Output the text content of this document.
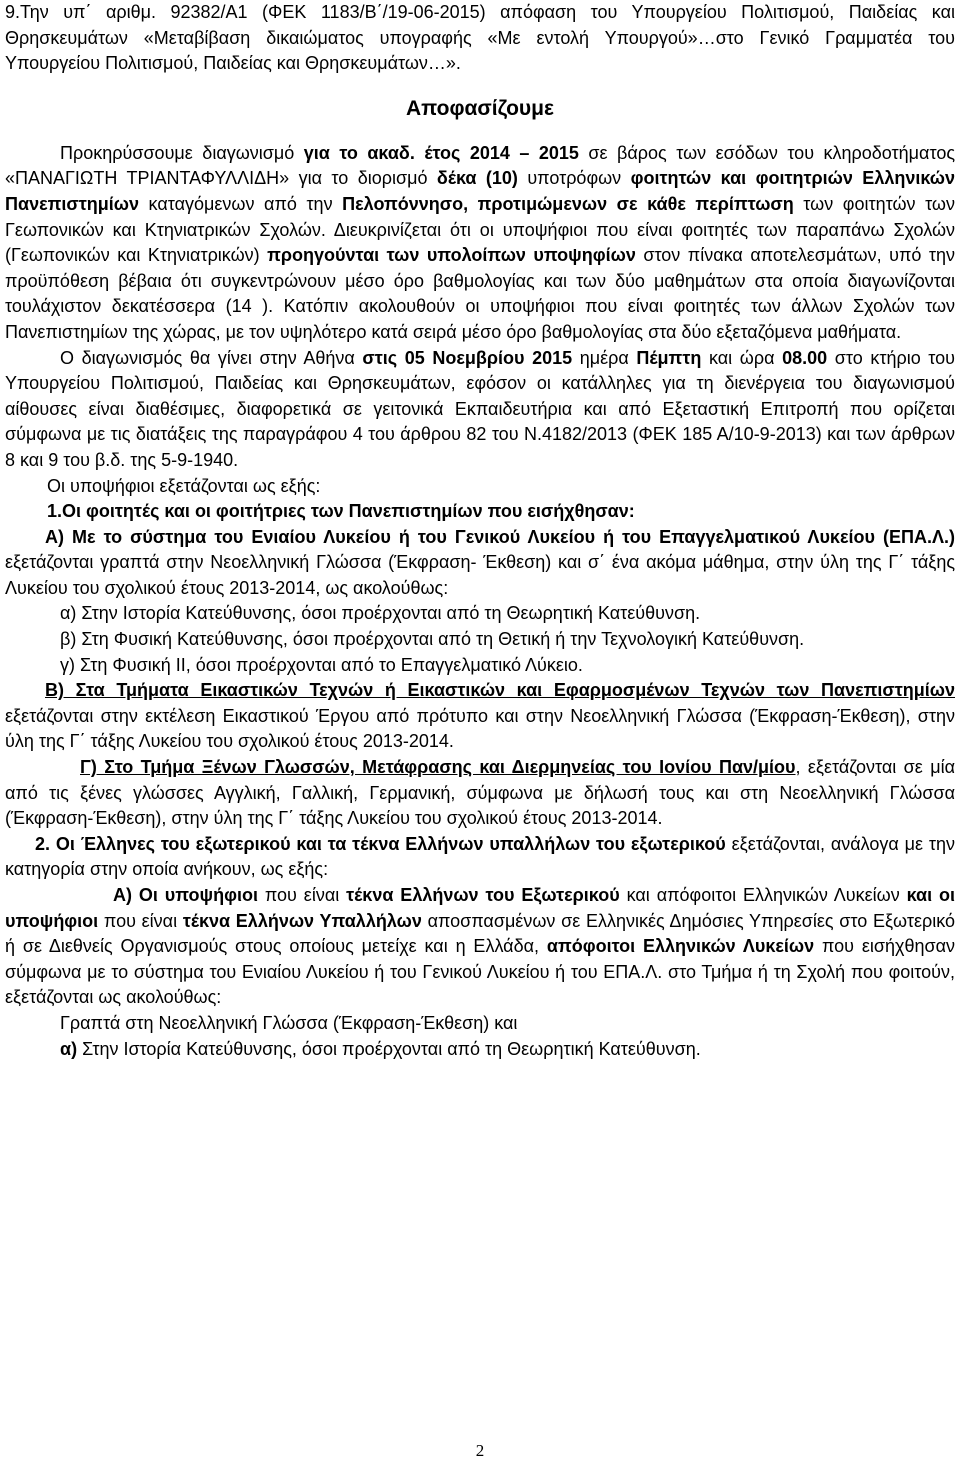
9.Την υπ΄ αριθμ. 92382/Α1 (ΦΕΚ 1183/Β΄/19-06-2015) απόφαση του Υπουργείου Πολιτισμού, Παιδείας και Θρησκευμάτων «Μεταβίβαση δικαιώματος υπογραφής «Με εντολή Υπουργού»…στο Γενικό Γραμματέα του Υπουργείου Πολιτισμού, Παιδείας και Θρησκευμάτων…».

Αποφασίζουμε

Προκηρύσσουμε διαγωνισμό για το ακαδ. έτος 2014 – 2015 σε βάρος των εσόδων του κληροδοτήματος «ΠΑΝΑΓΙΩΤΗ ΤΡΙΑΝΤΑΦΥΛΛΙΔΗ» για το διορισμό δέκα (10) υποτρόφων φοιτητών και φοιτητριών Ελληνικών Πανεπιστημίων καταγόμενων από την Πελοπόννησο, προτιμώμενων σε κάθε περίπτωση των φοιτητών των Γεωπονικών και Κτηνιατρικών Σχολών. Διευκρινίζεται ότι οι υποψήφιοι που είναι φοιτητές των παραπάνω Σχολών (Γεωπονικών και Κτηνιατρικών) προηγούνται των υπολοίπων υποψηφίων στον πίνακα αποτελεσμάτων, υπό την προϋπόθεση βέβαια ότι συγκεντρώνουν μέσο όρο βαθμολογίας και των δύο μαθημάτων στα οποία διαγωνίζονται τουλάχιστον δεκατέσσερα (14 ). Κατόπιν ακολουθούν οι υποψήφιοι που είναι φοιτητές των άλλων Σχολών των Πανεπιστημίων της χώρας, με τον υψηλότερο κατά σειρά μέσο όρο βαθμολογίας στα δύο εξεταζόμενα μαθήματα.

Ο διαγωνισμός θα γίνει στην Αθήνα στις 05 Νοεμβρίου 2015 ημέρα Πέμπτη και ώρα 08.00 στο κτήριο του Υπουργείου Πολιτισμού, Παιδείας και Θρησκευμάτων, εφόσον οι κατάλληλες για τη διενέργεια του διαγωνισμού αίθουσες είναι διαθέσιμες, διαφορετικά σε γειτονικά Εκπαιδευτήρια και από Εξεταστική Επιτροπή που ορίζεται σύμφωνα με τις διατάξεις της παραγράφου 4 του άρθρου 82 του Ν.4182/2013 (ΦΕΚ 185 Α/10-9-2013) και των άρθρων 8 και 9 του β.δ. της 5-9-1940.

Οι υποψήφιοι εξετάζονται ως εξής:

1.Οι φοιτητές και οι φοιτήτριες των Πανεπιστημίων που εισήχθησαν:

Α) Με το σύστημα του Ενιαίου Λυκείου ή του Γενικού Λυκείου ή του Επαγγελματικού Λυκείου (ΕΠΑ.Λ.) εξετάζονται γραπτά στην Νεοελληνική Γλώσσα (Έκφραση- Έκθεση) και σ΄ ένα ακόμα μάθημα, στην ύλη της Γ΄ τάξης Λυκείου του σχολικού έτους 2013-2014, ως ακολούθως:

α) Στην Ιστορία Κατεύθυνσης, όσοι προέρχονται από τη Θεωρητική Κατεύθυνση.

β) Στη Φυσική Κατεύθυνσης, όσοι προέρχονται από τη Θετική ή την Τεχνολογική Κατεύθυνση.

γ) Στη Φυσική ΙΙ, όσοι προέρχονται από το Επαγγελματικό Λύκειο.

Β) Στα Τμήματα Εικαστικών Τεχνών ή Εικαστικών και Εφαρμοσμένων Τεχνών των Πανεπιστημίων εξετάζονται στην εκτέλεση Εικαστικού Έργου από πρότυπο και στην Νεοελληνική Γλώσσα (Έκφραση-Έκθεση), στην ύλη της Γ΄ τάξης Λυκείου του σχολικού έτους 2013-2014.

Γ) Στο Τμήμα Ξένων Γλωσσών, Μετάφρασης και Διερμηνείας του Ιονίου Παν/μίου, εξετάζονται σε μία από τις ξένες γλώσσες Αγγλική, Γαλλική, Γερμανική, σύμφωνα με δήλωσή τους και στη Νεοελληνική Γλώσσα (Έκφραση-Έκθεση), στην ύλη της Γ΄ τάξης Λυκείου του σχολικού έτους 2013-2014.

2. Οι Έλληνες του εξωτερικού και τα τέκνα Ελλήνων υπαλλήλων του εξωτερικού εξετάζονται, ανάλογα με την κατηγορία στην οποία ανήκουν, ως εξής:

Α) Οι υποψήφιοι που είναι τέκνα Ελλήνων του Εξωτερικού και απόφοιτοι Ελληνικών Λυκείων και οι υποψήφιοι που είναι τέκνα Ελλήνων Υπαλλήλων αποσπασμένων σε Ελληνικές Δημόσιες Υπηρεσίες στο Εξωτερικό ή σε Διεθνείς Οργανισμούς στους οποίους μετείχε και η Ελλάδα, απόφοιτοι Ελληνικών Λυκείων που εισήχθησαν σύμφωνα με το σύστημα του Ενιαίου Λυκείου ή του Γενικού Λυκείου ή του ΕΠΑ.Λ. στο Τμήμα ή τη Σχολή που φοιτούν, εξετάζονται ως ακολούθως:

Γραπτά στη Νεοελληνική Γλώσσα (Έκφραση-Έκθεση) και

α) Στην Ιστορία Κατεύθυνσης, όσοι προέρχονται από τη Θεωρητική Κατεύθυνση.

2
